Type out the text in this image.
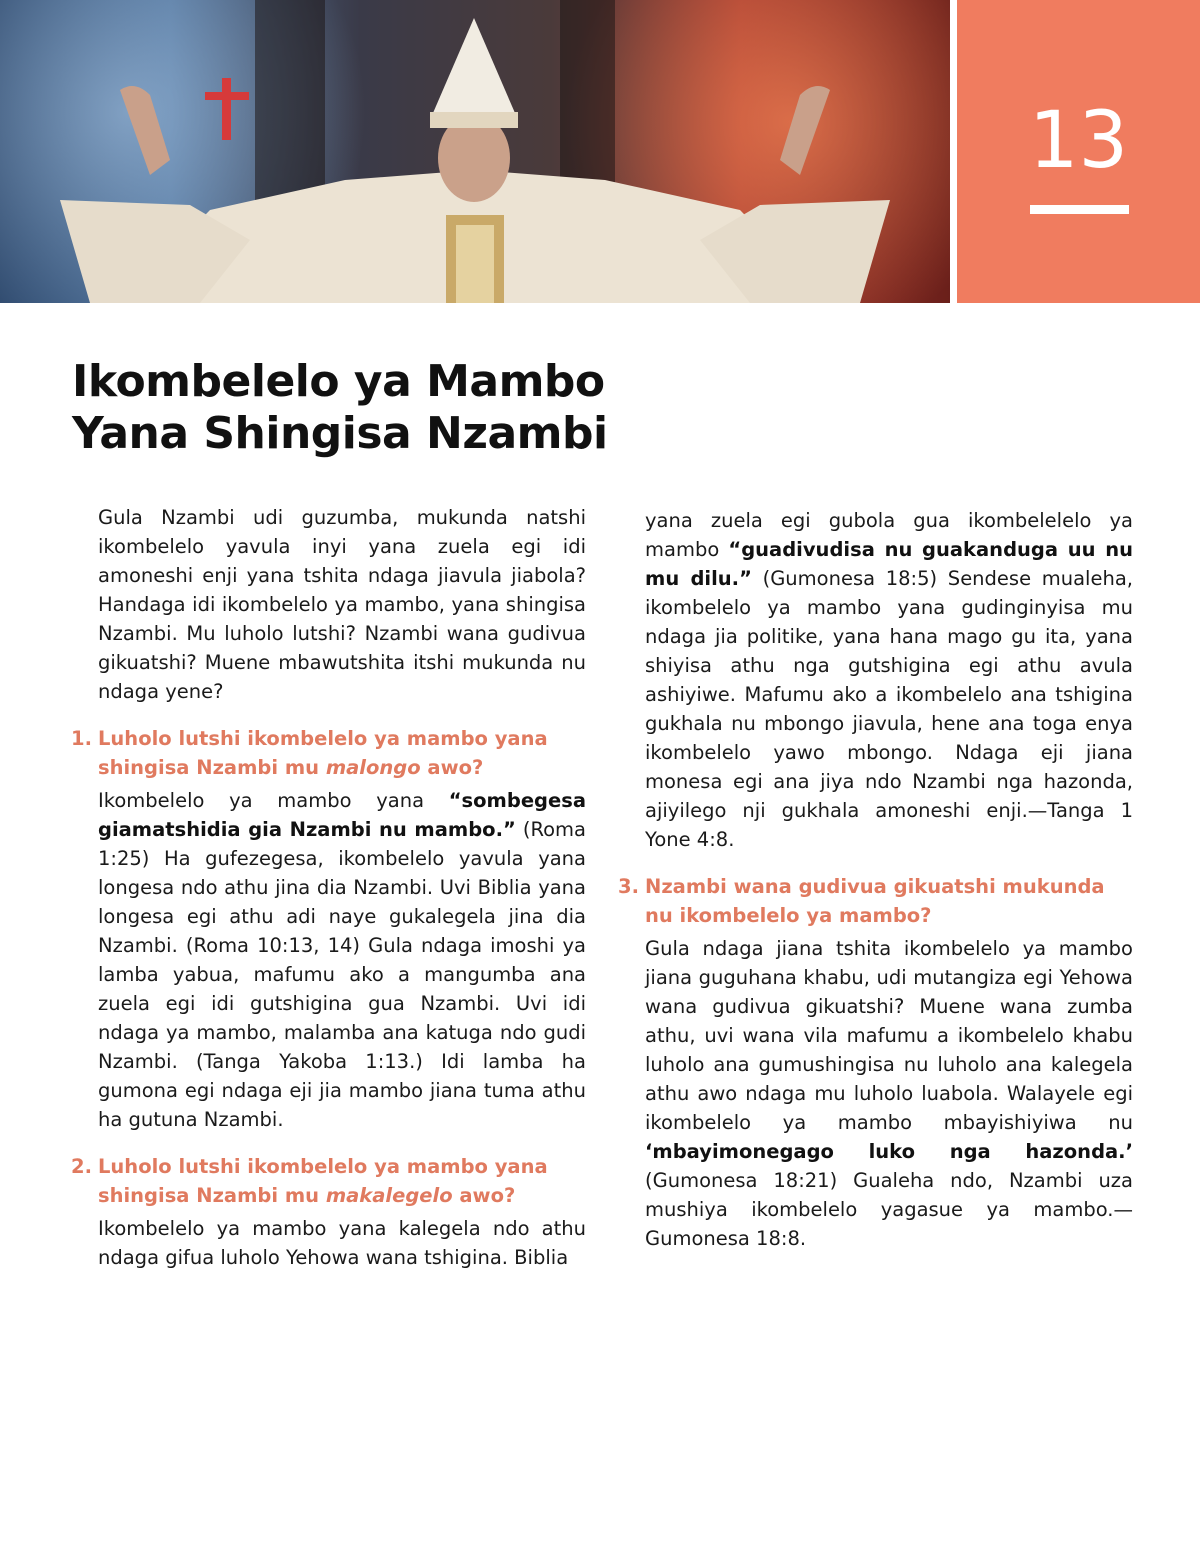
13
Ikombelelo ya Mambo
Yana Shingisa Nzambi

Gula Nzambi udi guzumba, mukunda natshi ikombelelo yavula inyi yana zuela egi idi amoneshi enji yana tshita ndaga jiavula jiabola? Handaga idi ikombelelo ya mambo, yana shingisa Nzambi. Mu luholo lutshi? Nzambi wana gudivua gikuatshi? Muene mbawutshita itshi mukunda nu ndaga yene?

1. Luholo lutshi ikombelelo ya mambo yana shingisa Nzambi mu malongo awo?

Ikombelelo ya mambo yana “sombegesa giamatshidia gia Nzambi nu mambo.” (Roma 1:25) Ha gufezegesa, ikombelelo yavula yana longesa ndo athu jina dia Nzambi. Uvi Biblia yana longesa egi athu adi naye gukalegela jina dia Nzambi. (Roma 10:13, 14) Gula ndaga imoshi ya lamba yabua, mafumu ako a mangumba ana zuela egi idi gutshigina gua Nzambi. Uvi idi ndaga ya mambo, malamba ana katuga ndo gudi Nzambi. (Tanga Yakoba 1:13.) Idi lamba ha gumona egi ndaga eji jia mambo jiana tuma athu ha gutuna Nzambi.

2. Luholo lutshi ikombelelo ya mambo yana shingisa Nzambi mu makalegelo awo?

Ikombelelo ya mambo yana kalegela ndo athu ndaga gifua luholo Yehowa wana tshigina. Biblia

yana zuela egi gubola gua ikombelelelo ya mambo “guadivudisa nu guakanduga uu nu mu dilu.” (Gumonesa 18:5) Sendese mualeha, ikombelelo ya mambo yana gudinginyisa mu ndaga jia politike, yana hana mago gu ita, yana shiyisa athu nga gutshigina egi athu avula ashiyiwe. Mafumu ako a ikombelelo ana tshigina gukhala nu mbongo jiavula, hene ana toga enya ikombelelo yawo mbongo. Ndaga eji jiana monesa egi ana jiya ndo Nzambi nga hazonda, ajiyilego nji gukhala amoneshi enji.—Tanga 1 Yone 4:8.

3. Nzambi wana gudivua gikuatshi mukunda nu ikombelelo ya mambo?

Gula ndaga jiana tshita ikombelelo ya mambo jiana guguhana khabu, udi mutangiza egi Yehowa wana gudivua gikuatshi? Muene wana zumba athu, uvi wana vila mafumu a ikombelelo khabu luholo ana gumushingisa nu luholo ana kalegela athu awo ndaga mu luholo luabola. Walayele egi ikombelelo ya mambo mbayishiyiwa nu ‘mbayimonegago luko nga hazonda.’ (Gumonesa 18:21) Gualeha ndo, Nzambi uza mushiya ikombelelo yagasue ya mambo.—Gumonesa 18:8.
